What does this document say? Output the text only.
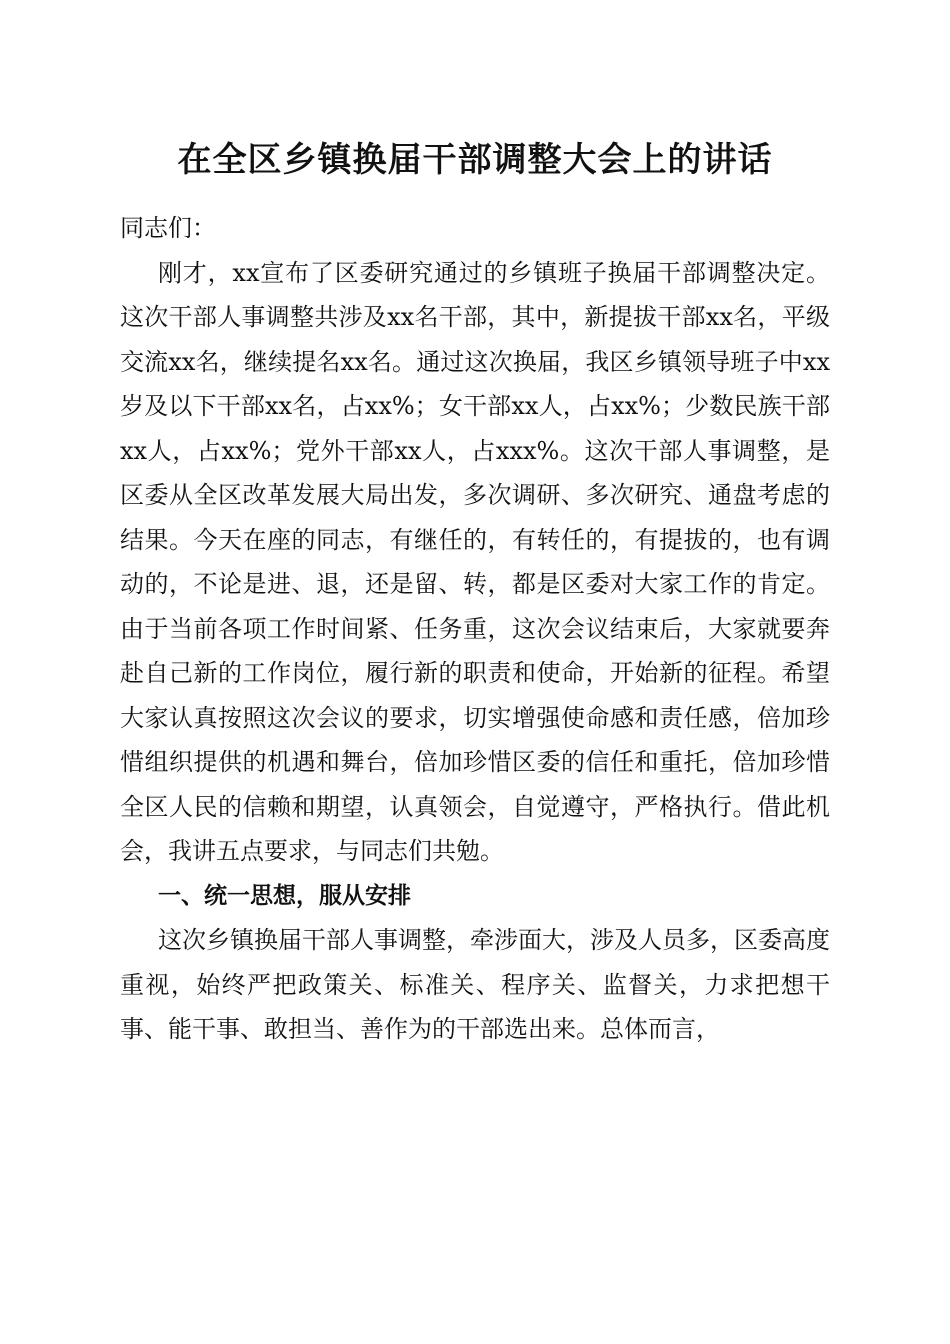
在全区乡镇换届干部调整大会上的讲话

同志们：

刚才，xx宣布了区委研究通过的乡镇班子换届干部调整决定。这次干部人事调整共涉及xx名干部，其中，新提拔干部xx名，平级交流xx名，继续提名xx名。通过这次换届，我区乡镇领导班子中xx岁及以下干部xx名，占xx%；女干部xx人，占xx%；少数民族干部xx人，占xx%；党外干部xx人，占xxx%。这次干部人事调整，是区委从全区改革发展大局出发，多次调研、多次研究、通盘考虑的结果。今天在座的同志，有继任的，有转任的，有提拔的，也有调动的，不论是进、退，还是留、转，都是区委对大家工作的肯定。由于当前各项工作时间紧、任务重，这次会议结束后，大家就要奔赴自己新的工作岗位，履行新的职责和使命，开始新的征程。希望大家认真按照这次会议的要求，切实增强使命感和责任感，倍加珍惜组织提供的机遇和舞台，倍加珍惜区委的信任和重托，倍加珍惜全区人民的信赖和期望，认真领会，自觉遵守，严格执行。借此机会，我讲五点要求，与同志们共勉。

一、统一思想，服从安排

这次乡镇换届干部人事调整，牵涉面大，涉及人员多，区委高度重视，始终严把政策关、标准关、程序关、监督关，力求把想干事、能干事、敢担当、善作为的干部选出来。总体而言，
